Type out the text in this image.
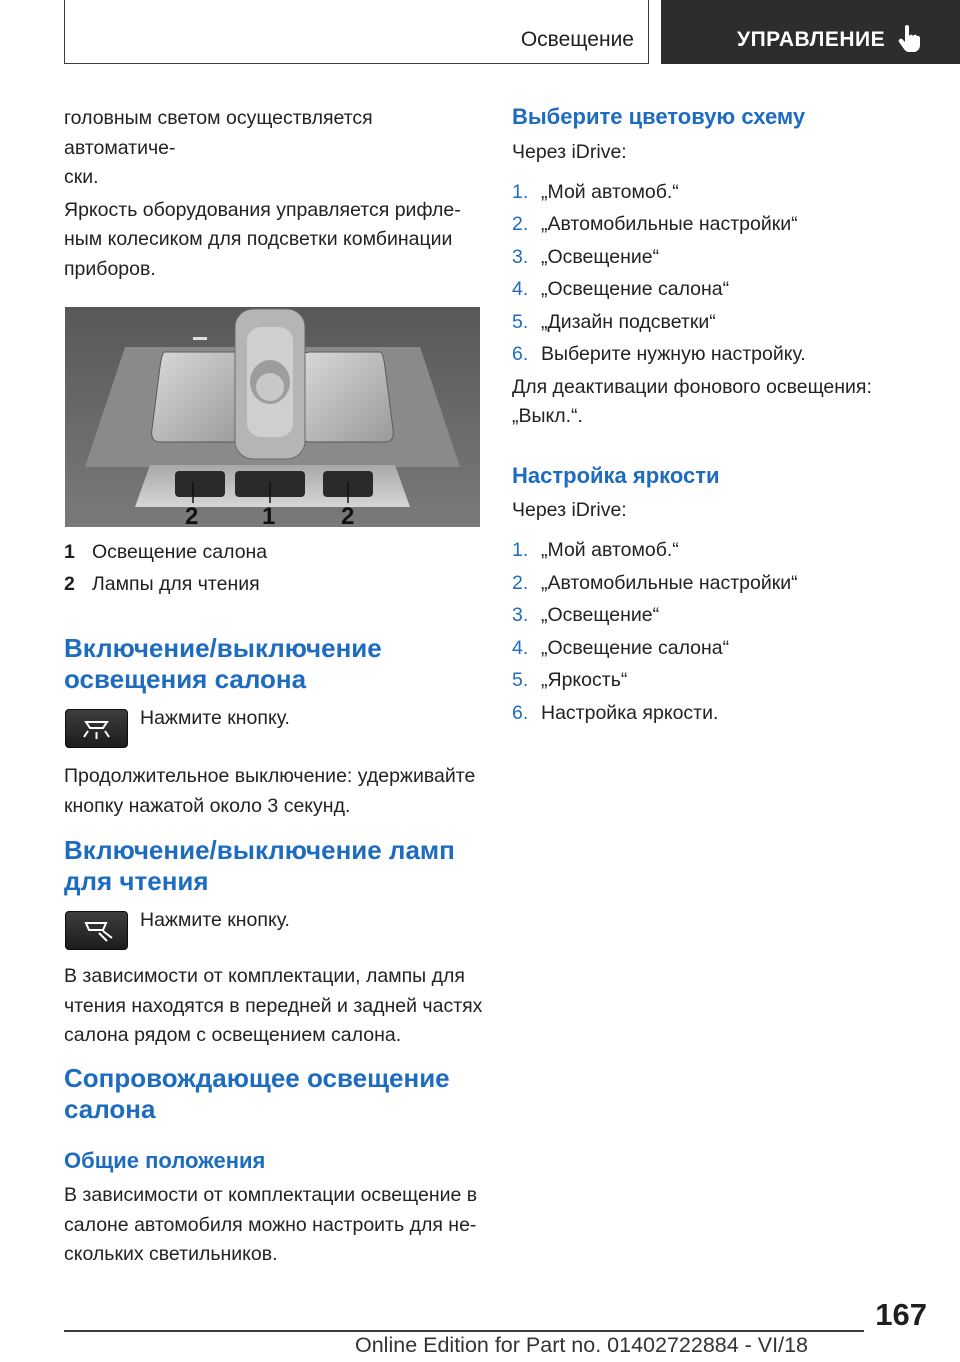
Освещение	УПРАВЛЕНИЕ

головным светом осуществляется автоматиче-
ски.

Яркость оборудования управляется рифле-
ным колесиком для подсветки комбинации
приборов.

2	1	2
1 Освещение салона
2 Лампы для чтения
Включение/выключение
освещения салона
Нажмите кнопку.

Продолжительное выключение: удерживайте
кнопку нажатой около 3 секунд.

Включение/выключение ламп
для чтения
Нажмите кнопку.

В зависимости от комплектации, лампы для
чтения находятся в передней и задней частях
салона рядом с освещением салона.

Сопровождающее освещение
салона
Общие положения

В зависимости от комплектации освещение в
салоне автомобиля можно настроить для не-
скольких светильников.

Выберите цветовую схему

Через iDrive:

1. „Мой автомоб.“
2. „Автомобильные настройки“
3. „Освещение“
4. „Освещение салона“
5. „Дизайн подсветки“
6. Выберите нужную настройку.

Для деактивации фонового освещения:
„Выкл.“.

Настройка яркости

Через iDrive:

1. „Мой автомоб.“
2. „Автомобильные настройки“
3. „Освещение“
4. „Освещение салона“
5. „Яркость“
6. Настройка яркости.
167
Online Edition for Part no. 01402722884 - VI/18
